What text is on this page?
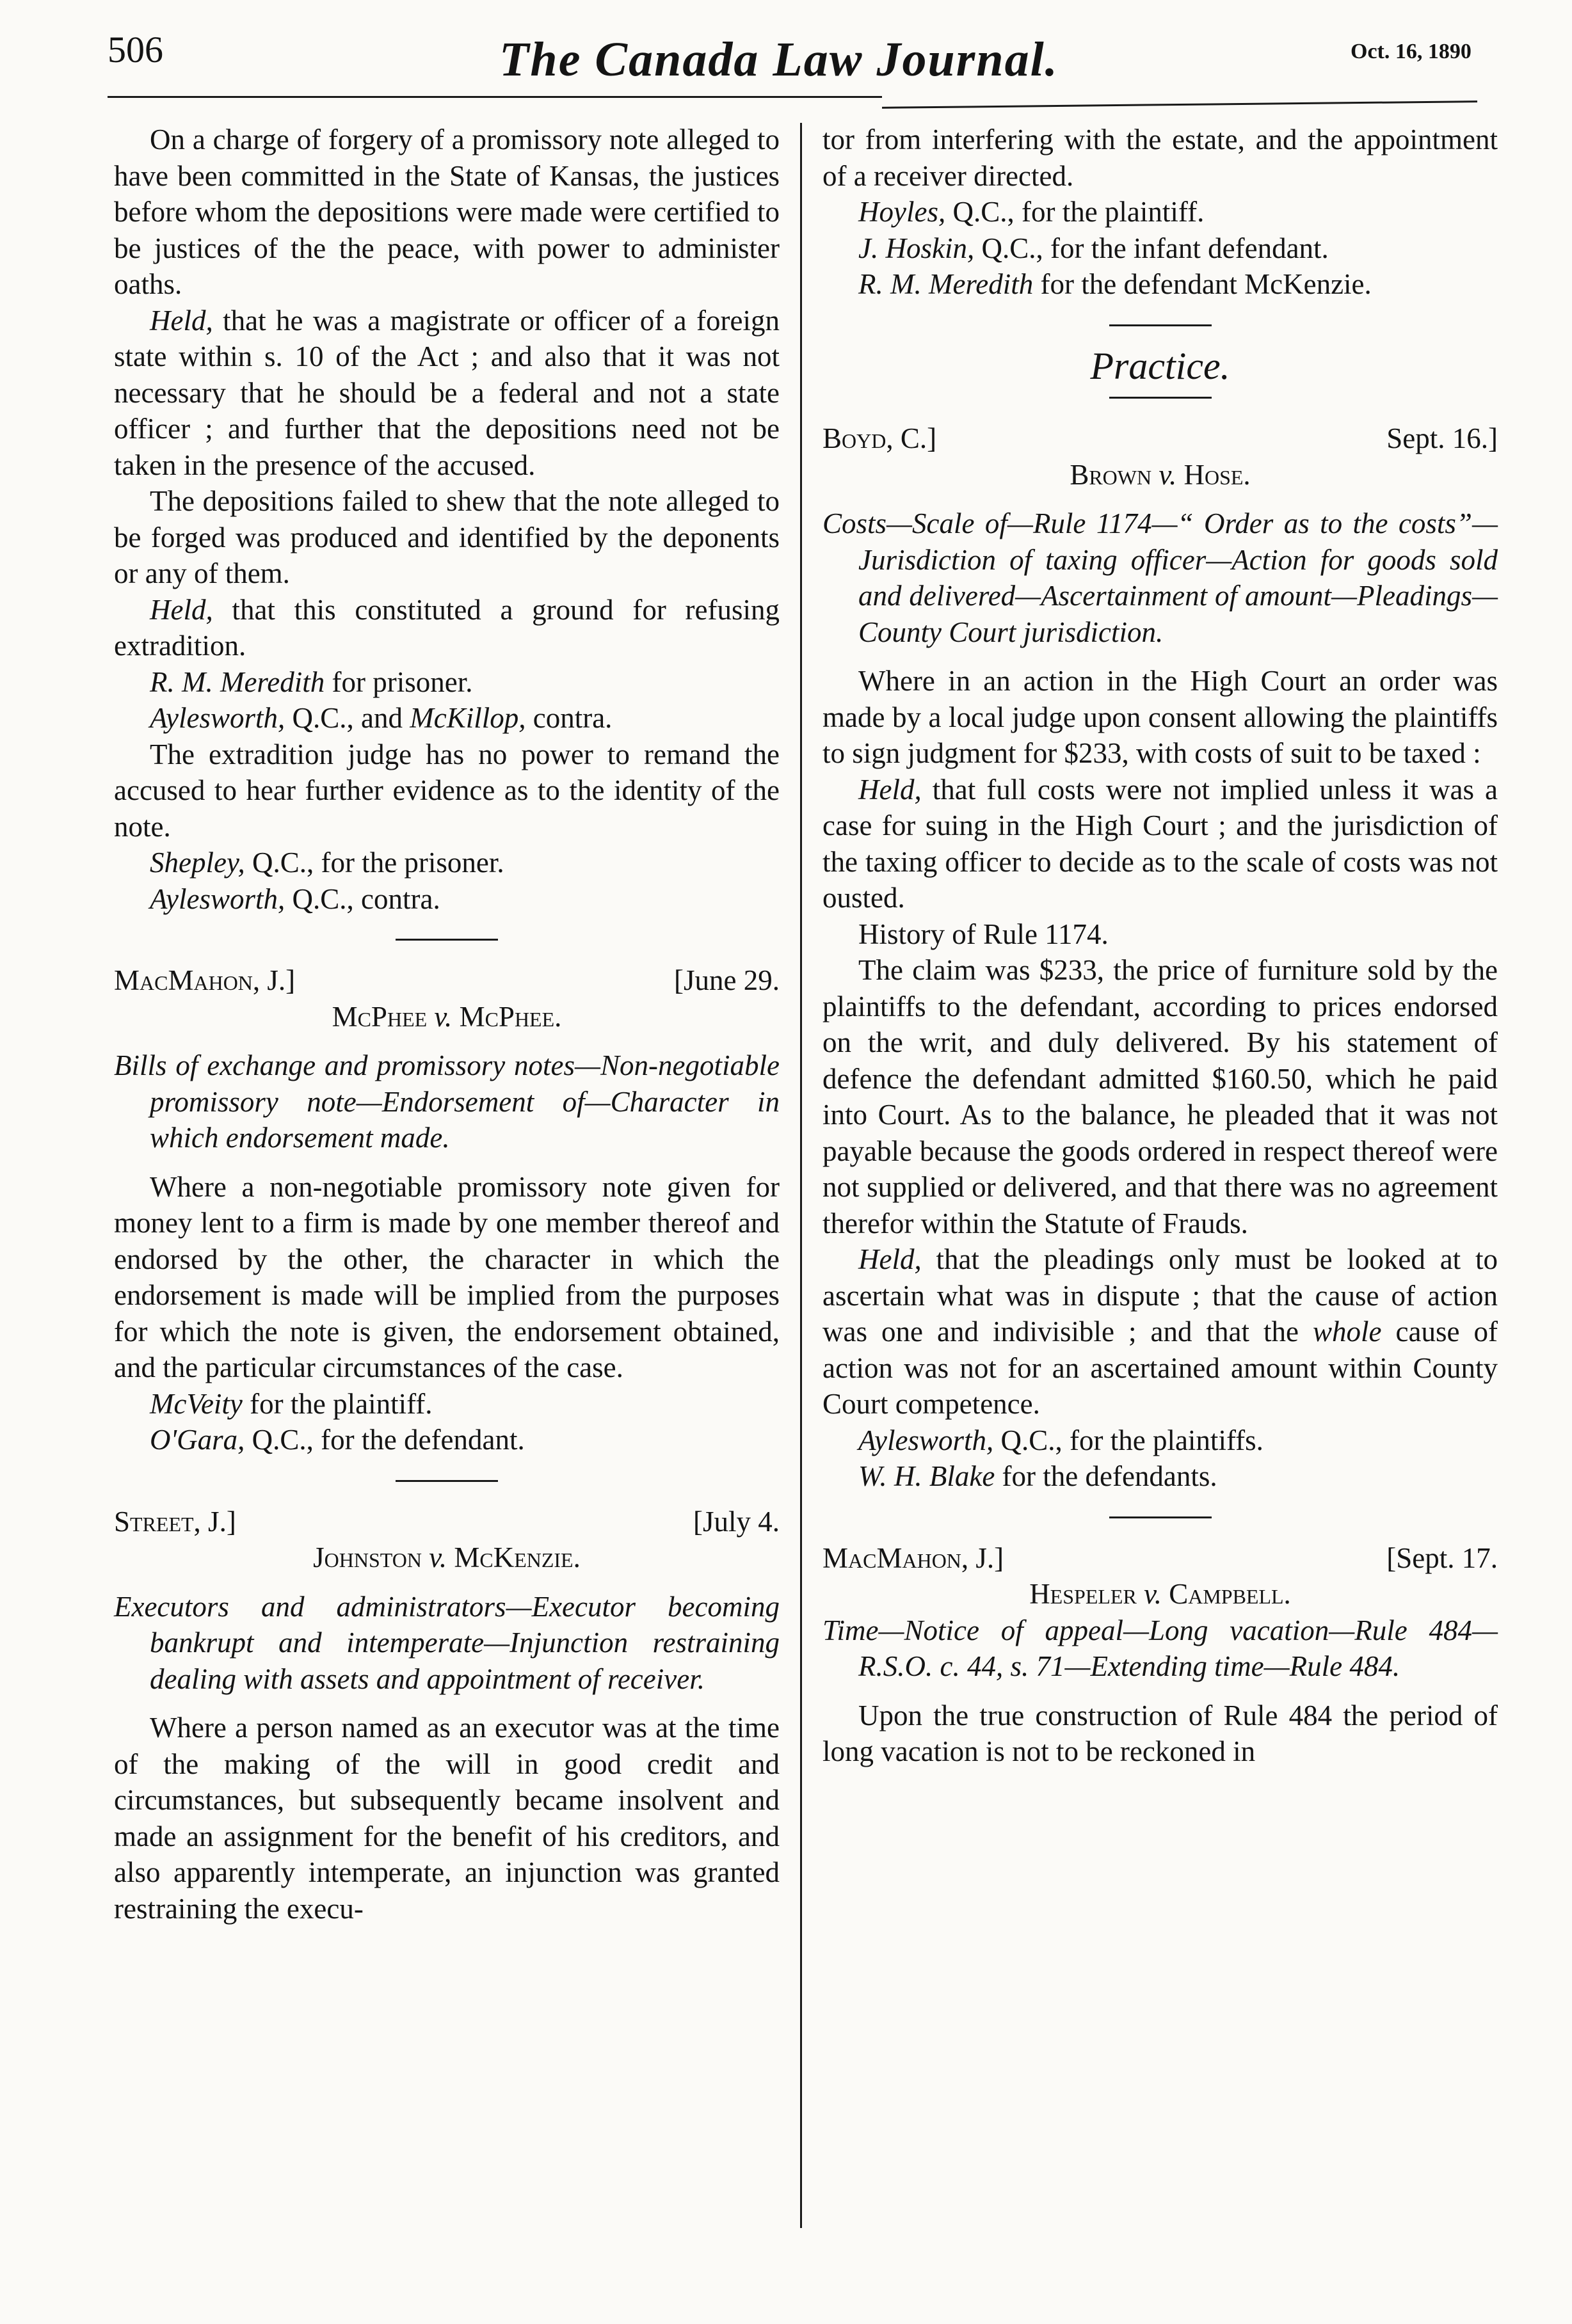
506	The Canada Law Journal.	Oct. 16, 1890

On a charge of forgery of a promissory note alleged to have been committed in the State of Kansas, the justices before whom the depositions were made were certified to be justices of the the peace, with power to administer oaths.

Held, that he was a magistrate or officer of a foreign state within s. 10 of the Act ; and also that it was not necessary that he should be a federal and not a state officer ; and further that the depositions need not be taken in the presence of the accused.

The depositions failed to shew that the note alleged to be forged was produced and identified by the deponents or any of them.

Held, that this constituted a ground for refusing extradition.

R. M. Meredith for prisoner.

Aylesworth, Q.C., and McKillop, contra.

The extradition judge has no power to remand the accused to hear further evidence as to the identity of the note.

Shepley, Q.C., for the prisoner.

Aylesworth, Q.C., contra.

MacMahon, J.]	[June 29.

McPhee v. McPhee.

Bills of exchange and promissory notes—Non-negotiable promissory note—Endorsement of—Character in which endorsement made.

Where a non-negotiable promissory note given for money lent to a firm is made by one member thereof and endorsed by the other, the character in which the endorsement is made will be implied from the purposes for which the note is given, the endorsement obtained, and the particular circumstances of the case.

McVeity for the plaintiff.

O'Gara, Q.C., for the defendant.

Street, J.]	[July 4.

Johnston v. McKenzie.

Executors and administrators—Executor becoming bankrupt and intemperate—Injunction restraining dealing with assets and appointment of receiver.

Where a person named as an executor was at the time of the making of the will in good credit and circumstances, but subsequently became insolvent and made an assignment for the benefit of his creditors, and also apparently intemperate, an injunction was granted restraining the execu-

tor from interfering with the estate, and the appointment of a receiver directed.

Hoyles, Q.C., for the plaintiff.

J. Hoskin, Q.C., for the infant defendant.

R. M. Meredith for the defendant McKenzie.

Practice.

Boyd, C.]	Sept. 16.]

Brown v. Hose.

Costs—Scale of—Rule 1174—“ Order as to the costs”—Jurisdiction of taxing officer—Action for goods sold and delivered—Ascertainment of amount—Pleadings—County Court jurisdiction.

Where in an action in the High Court an order was made by a local judge upon consent allowing the plaintiffs to sign judgment for $233, with costs of suit to be taxed :

Held, that full costs were not implied unless it was a case for suing in the High Court ; and the jurisdiction of the taxing officer to decide as to the scale of costs was not ousted.

History of Rule 1174.

The claim was $233, the price of furniture sold by the plaintiffs to the defendant, according to prices endorsed on the writ, and duly delivered. By his statement of defence the defendant admitted $160.50, which he paid into Court. As to the balance, he pleaded that it was not payable because the goods ordered in respect thereof were not supplied or delivered, and that there was no agreement therefor within the Statute of Frauds.

Held, that the pleadings only must be looked at to ascertain what was in dispute ; that the cause of action was one and indivisible ; and that the whole cause of action was not for an ascertained amount within County Court competence.

Aylesworth, Q.C., for the plaintiffs.

W. H. Blake for the defendants.

MacMahon, J.]	[Sept. 17.

Hespeler v. Campbell.

Time—Notice of appeal—Long vacation—Rule 484—R.S.O. c. 44, s. 71—Extending time—Rule 484.

Upon the true construction of Rule 484 the period of long vacation is not to be reckoned in
